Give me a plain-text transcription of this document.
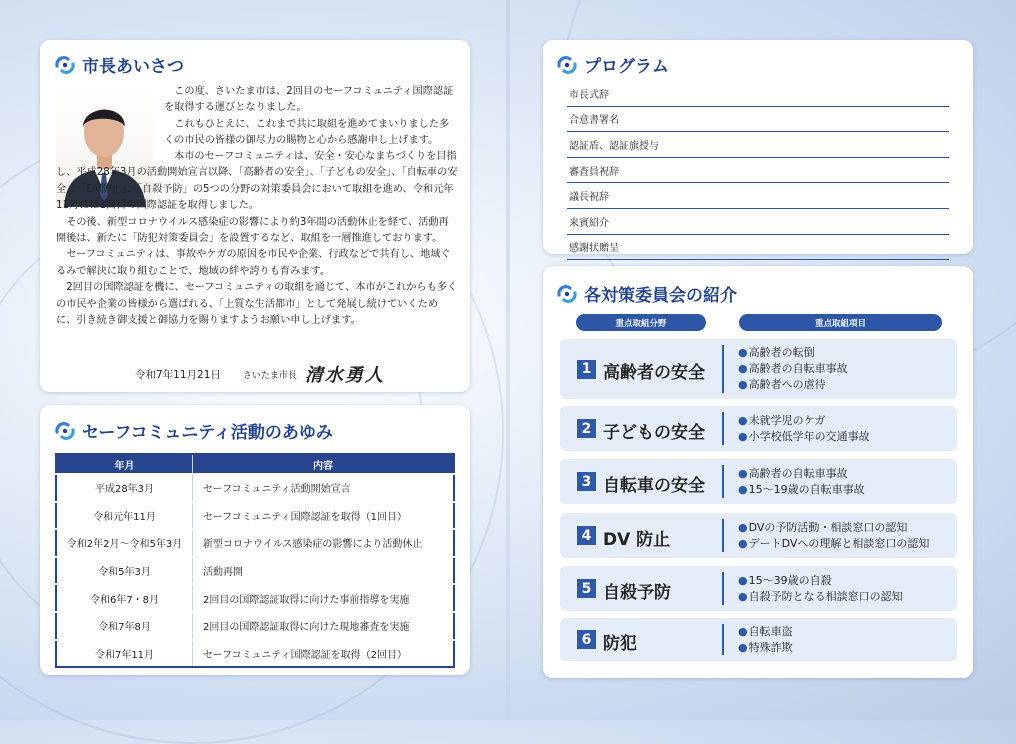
市長あいさつ

この度、さいたま市は、2回目のセーフコミュニティ国際認証を取得する運びとなりました。

これもひとえに、これまで共に取組を進めてまいりました多くの市民の皆様の御尽力の賜物と心から感謝申し上げます。

本市のセーフコミュニティは、安全・安心なまちづくりを目指し、平成28年3月の活動開始宣言以降、「高齢者の安全」、「子どもの安全」、「自転車の安全」、「DV防止」、「自殺予防」の5つの分野の対策委員会において取組を進め、令和元年11月には1回目の国際認証を取得しました。

その後、新型コロナウイルス感染症の影響により約3年間の活動休止を経て、活動再開後は、新たに「防犯対策委員会」を設置するなど、取組を一層推進しております。

セーフコミュニティは、事故やケガの原因を市民や企業、行政などで共有し、地域ぐるみで解決に取り組むことで、地域の絆や誇りも育みます。

2回目の国際認証を機に、セーフコミュニティの取組を通じて、本市がこれからも多くの市民や企業の皆様から選ばれる、「上質な生活都市」として発展し続けていくために、引き続き御支援と御協力を賜りますようお願い申し上げます。

令和7年11月21日 さいたま市長 清水勇人
セーフコミュニティ活動のあゆみ
年月	内容
平成28年3月	セーフコミュニティ活動開始宣言
令和元年11月	セーフコミュニティ国際認証を取得（1回目）
令和2年2月～令和5年3月	新型コロナウイルス感染症の影響により活動休止
令和5年3月	活動再開
令和6年7・8月	2回目の国際認証取得に向けた事前指導を実施
令和7年8月	2回目の国際認証取得に向けた現地審査を実施
令和7年11月	セーフコミュニティ国際認証を取得（2回目）
プログラム
市長式辞
合意書署名
認証盾、認証旗授与
審査員祝辞
議長祝辞
来賓紹介
感謝状贈呈
各対策委員会の紹介
重点取組分野	重点取組項目
1 高齢者の安全
● 高齢者の転倒
● 高齢者の自転車事故
● 高齢者への虐待
2 子どもの安全
● 未就学児のケガ
● 小学校低学年の交通事故
3 自転車の安全
● 高齢者の自転車事故
● 15～19歳の自転車事故
4 DV 防止
● DVの予防活動・相談窓口の認知
● デートDVへの理解と相談窓口の認知
5 自殺予防
● 15～39歳の自殺
● 自殺予防となる相談窓口の認知
6 防犯
● 自転車盗
● 特殊詐欺
